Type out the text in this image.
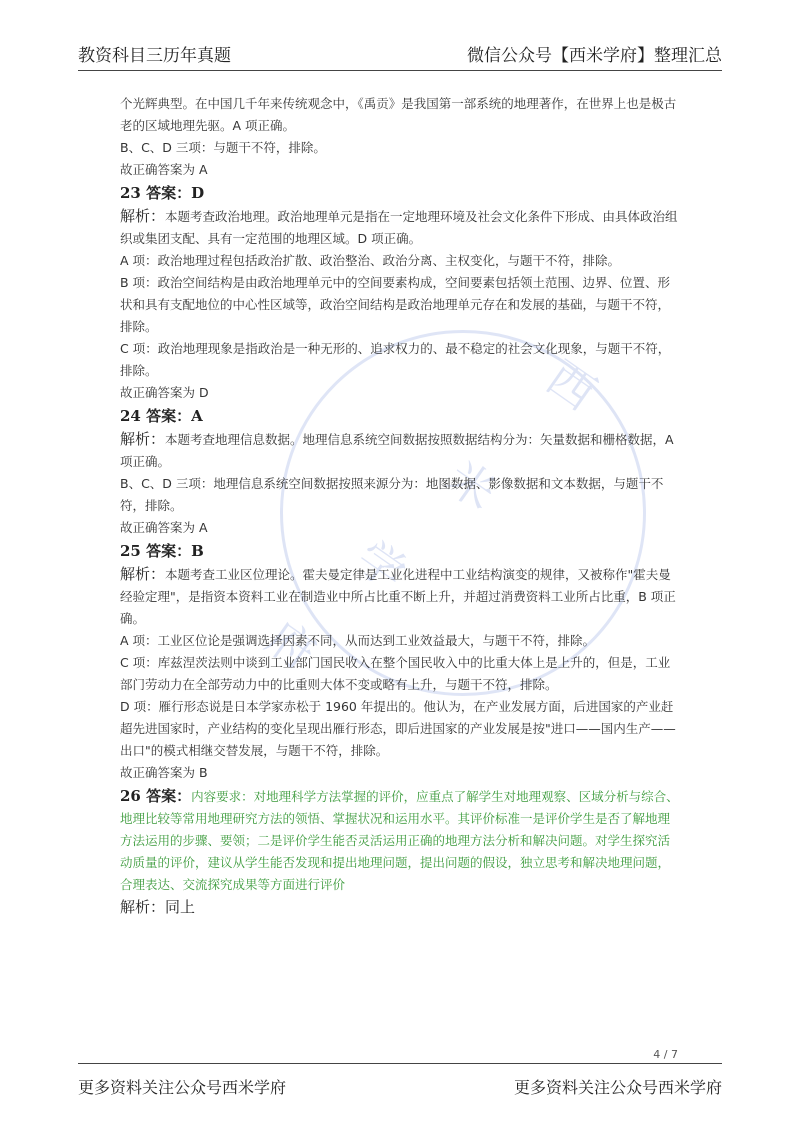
教资科目三历年真题	微信公众号【西米学府】整理汇总
西
米
学
府

个光辉典型。在中国几千年来传统观念中，《禹贡》是我国第一部系统的地理著作，在世界上也是极古老的区域地理先驱。A 项正确。

B、C、D 三项：与题干不符，排除。

故正确答案为 A

23 答案：D

解析：本题考查政治地理。政治地理单元是指在一定地理环境及社会文化条件下形成、由具体政治组织或集团支配、具有一定范围的地理区域。D 项正确。

A 项：政治地理过程包括政治扩散、政治整治、政治分离、主权变化，与题干不符，排除。

B 项：政治空间结构是由政治地理单元中的空间要素构成，空间要素包括领土范围、边界、位置、形状和具有支配地位的中心性区域等，政治空间结构是政治地理单元存在和发展的基础，与题干不符，排除。

C 项：政治地理现象是指政治是一种无形的、追求权力的、最不稳定的社会文化现象，与题干不符，排除。

故正确答案为 D

24 答案：A

解析：本题考查地理信息数据。地理信息系统空间数据按照数据结构分为：矢量数据和栅格数据，A 项正确。

B、C、D 三项：地理信息系统空间数据按照来源分为：地图数据、影像数据和文本数据，与题干不符，排除。

故正确答案为 A

25 答案：B

解析：本题考查工业区位理论。霍夫曼定律是工业化进程中工业结构演变的规律，又被称作"霍夫曼经验定理"，是指资本资料工业在制造业中所占比重不断上升，并超过消费资料工业所占比重，B 项正确。

A 项：工业区位论是强调选择因素不同，从而达到工业效益最大，与题干不符，排除。

C 项：库兹涅茨法则中谈到工业部门国民收入在整个国民收入中的比重大体上是上升的，但是，工业部门劳动力在全部劳动力中的比重则大体不变或略有上升，与题干不符，排除。

D 项：雁行形态说是日本学家赤松于 1960 年提出的。他认为，在产业发展方面，后进国家的产业赶超先进国家时，产业结构的变化呈现出雁行形态，即后进国家的产业发展是按"进口——国内生产——出口"的模式相继交替发展，与题干不符，排除。

故正确答案为 B

26 答案：内容要求：对地理科学方法掌握的评价，应重点了解学生对地理观察、区域分析与综合、地理比较等常用地理研究方法的领悟、掌握状况和运用水平。其评价标准一是评价学生是否了解地理方法运用的步骤、要领；二是评价学生能否灵活运用正确的地理方法分析和解决问题。对学生探究活动质量的评价，建议从学生能否发现和提出地理问题，提出问题的假设，独立思考和解决地理问题，合理表达、交流探究成果等方面进行评价

解析：同上

4 / 7
更多资料关注公众号西米学府	更多资料关注公众号西米学府
